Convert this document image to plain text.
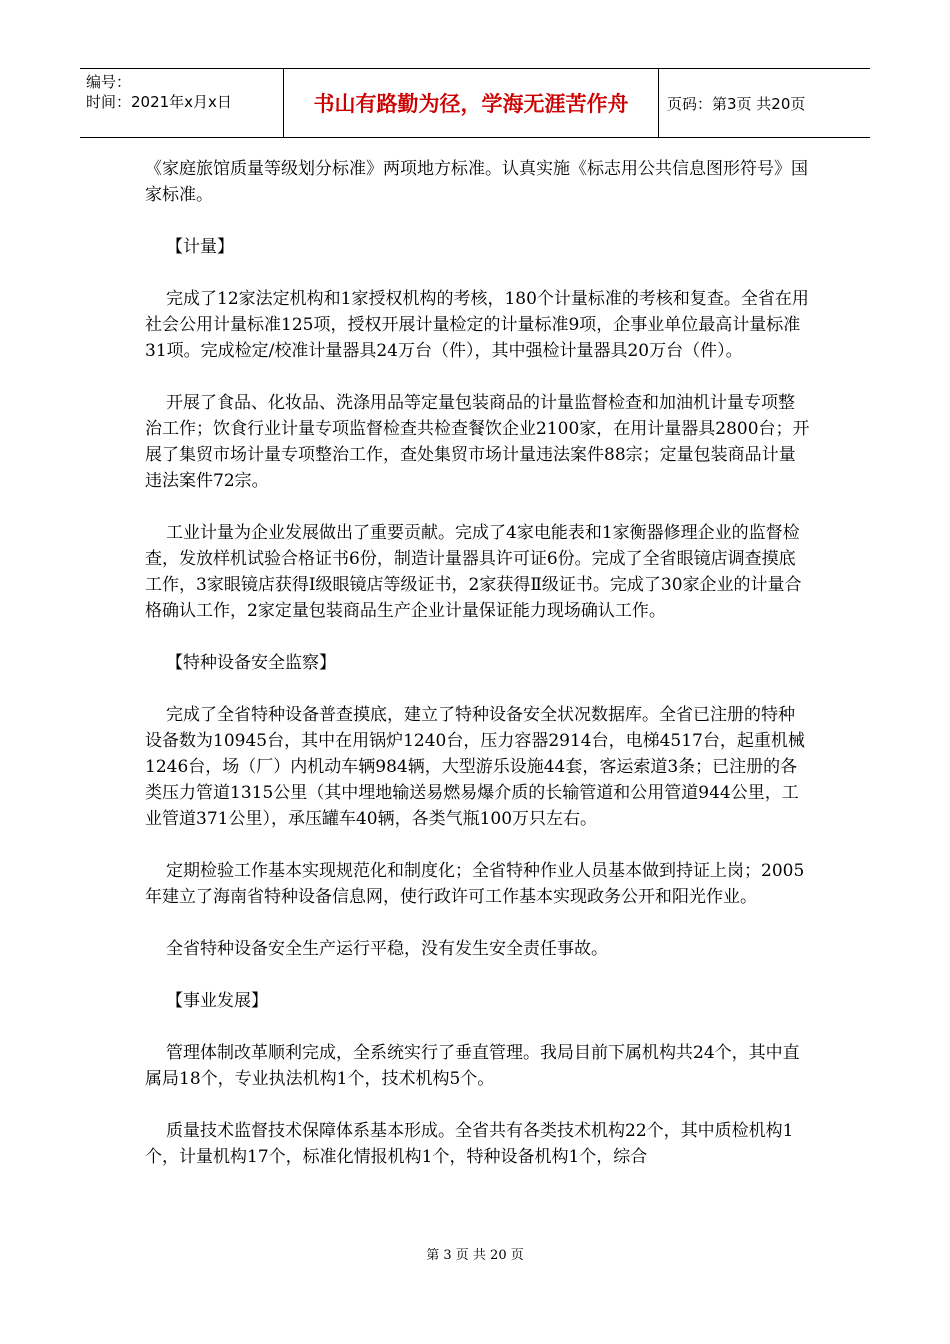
编号：
时间：2021年x月x日	书山有路勤为径，学海无涯苦作舟	页码：第3页 共20页

《家庭旅馆质量等级划分标准》两项地方标准。认真实施《标志用公共信息图形符号》国家标准。

【计量】

完成了12家法定机构和1家授权机构的考核，180个计量标准的考核和复查。全省在用社会公用计量标准125项，授权开展计量检定的计量标准9项，企事业单位最高计量标准31项。完成检定/校准计量器具24万台（件），其中强检计量器具20万台（件）。

开展了食品、化妆品、洗涤用品等定量包装商品的计量监督检查和加油机计量专项整治工作；饮食行业计量专项监督检查共检查餐饮企业2100家，在用计量器具2800台；开展了集贸市场计量专项整治工作，查处集贸市场计量违法案件88宗；定量包装商品计量违法案件72宗。

工业计量为企业发展做出了重要贡献。完成了4家电能表和1家衡器修理企业的监督检查，发放样机试验合格证书6份，制造计量器具许可证6份。完成了全省眼镜店调查摸底工作，3家眼镜店获得Ⅰ级眼镜店等级证书，2家获得Ⅱ级证书。完成了30家企业的计量合格确认工作，2家定量包装商品生产企业计量保证能力现场确认工作。

【特种设备安全监察】

完成了全省特种设备普查摸底，建立了特种设备安全状况数据库。全省已注册的特种设备数为10945台，其中在用锅炉1240台，压力容器2914台，电梯4517台，起重机械1246台，场（厂）内机动车辆984辆，大型游乐设施44套，客运索道3条；已注册的各类压力管道1315公里（其中埋地输送易燃易爆介质的长输管道和公用管道944公里，工业管道371公里），承压罐车40辆，各类气瓶100万只左右。

定期检验工作基本实现规范化和制度化；全省特种作业人员基本做到持证上岗；2005年建立了海南省特种设备信息网，使行政许可工作基本实现政务公开和阳光作业。

全省特种设备安全生产运行平稳，没有发生安全责任事故。

【事业发展】

管理体制改革顺利完成，全系统实行了垂直管理。我局目前下属机构共24个，其中直属局18个，专业执法机构1个，技术机构5个。

质量技术监督技术保障体系基本形成。全省共有各类技术机构22个，其中质检机构1个，计量机构17个，标准化情报机构1个，特种设备机构1个，综合

第 3 页 共 20 页
